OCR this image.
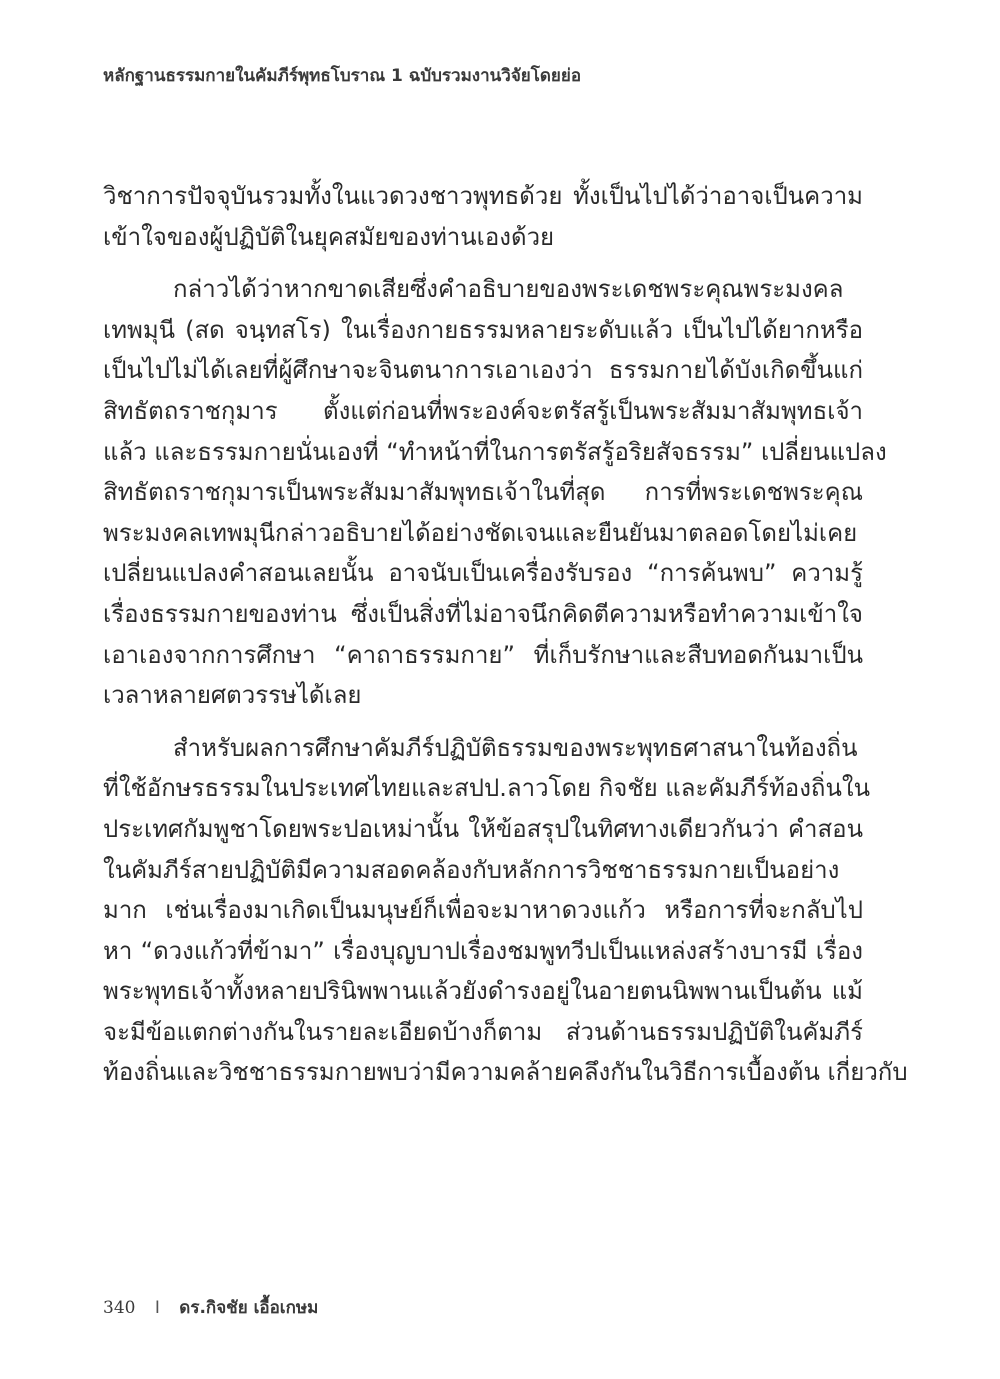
หลักฐานธรรมกายในคัมภีร์พุทธโบราณ 1 ฉบับรวมงานวิจัยโดยย่อ
วิชาการปัจจุบันรวมทั้งในแวดวงชาวพุทธด้วย ทั้งเป็นไปได้ว่าอาจเป็นความ
เข้าใจของผู้ปฏิบัติในยุคสมัยของท่านเองด้วย
กล่าวได้ว่าหากขาดเสียซึ่งคำอธิบายของพระเดชพระคุณพระมงคล
เทพมุนี (สด จนฺทสโร) ในเรื่องกายธรรมหลายระดับแล้ว เป็นไปได้ยากหรือ
เป็นไปไม่ได้เลยที่ผู้ศึกษาจะจินตนาการเอาเองว่า ธรรมกายได้บังเกิดขึ้นแก่
สิทธัตถราชกุมาร ตั้งแต่ก่อนที่พระองค์จะตรัสรู้เป็นพระสัมมาสัมพุทธเจ้า
แล้ว และธรรมกายนั่นเองที่ “ทำหน้าที่ในการตรัสรู้อริยสัจธรรม” เปลี่ยนแปลง
สิทธัตถราชกุมารเป็นพระสัมมาสัมพุทธเจ้าในที่สุด การที่พระเดชพระคุณ
พระมงคลเทพมุนีกล่าวอธิบายได้อย่างชัดเจนและยืนยันมาตลอดโดยไม่เคย
เปลี่ยนแปลงคำสอนเลยนั้น อาจนับเป็นเครื่องรับรอง “การค้นพบ” ความรู้
เรื่องธรรมกายของท่าน ซึ่งเป็นสิ่งที่ไม่อาจนึกคิดตีความหรือทำความเข้าใจ
เอาเองจากการศึกษา “คาถาธรรมกาย” ที่เก็บรักษาและสืบทอดกันมาเป็น
เวลาหลายศตวรรษได้เลย
สำหรับผลการศึกษาคัมภีร์ปฏิบัติธรรมของพระพุทธศาสนาในท้องถิ่น
ที่ใช้อักษรธรรมในประเทศไทยและสปป.ลาวโดย กิจชัย และคัมภีร์ท้องถิ่นใน
ประเทศกัมพูชาโดยพระปอเหม่านั้น ให้ข้อสรุปในทิศทางเดียวกันว่า คำสอน
ในคัมภีร์สายปฏิบัติมีความสอดคล้องกับหลักการวิชชาธรรมกายเป็นอย่าง
มาก เช่นเรื่องมาเกิดเป็นมนุษย์ก็เพื่อจะมาหาดวงแก้ว หรือการที่จะกลับไป
หา “ดวงแก้วที่ข้ามา” เรื่องบุญบาปเรื่องชมพูทวีปเป็นแหล่งสร้างบารมี เรื่อง
พระพุทธเจ้าทั้งหลายปรินิพพานแล้วยังดำรงอยู่ในอายตนนิพพานเป็นต้น แม้
จะมีข้อแตกต่างกันในรายละเอียดบ้างก็ตาม ส่วนด้านธรรมปฏิบัติในคัมภีร์
ท้องถิ่นและวิชชาธรรมกายพบว่ามีความคล้ายคลึงกันในวิธีการเบื้องต้น เกี่ยวกับ
340 I ดร.กิจชัย เอื้อเกษม
